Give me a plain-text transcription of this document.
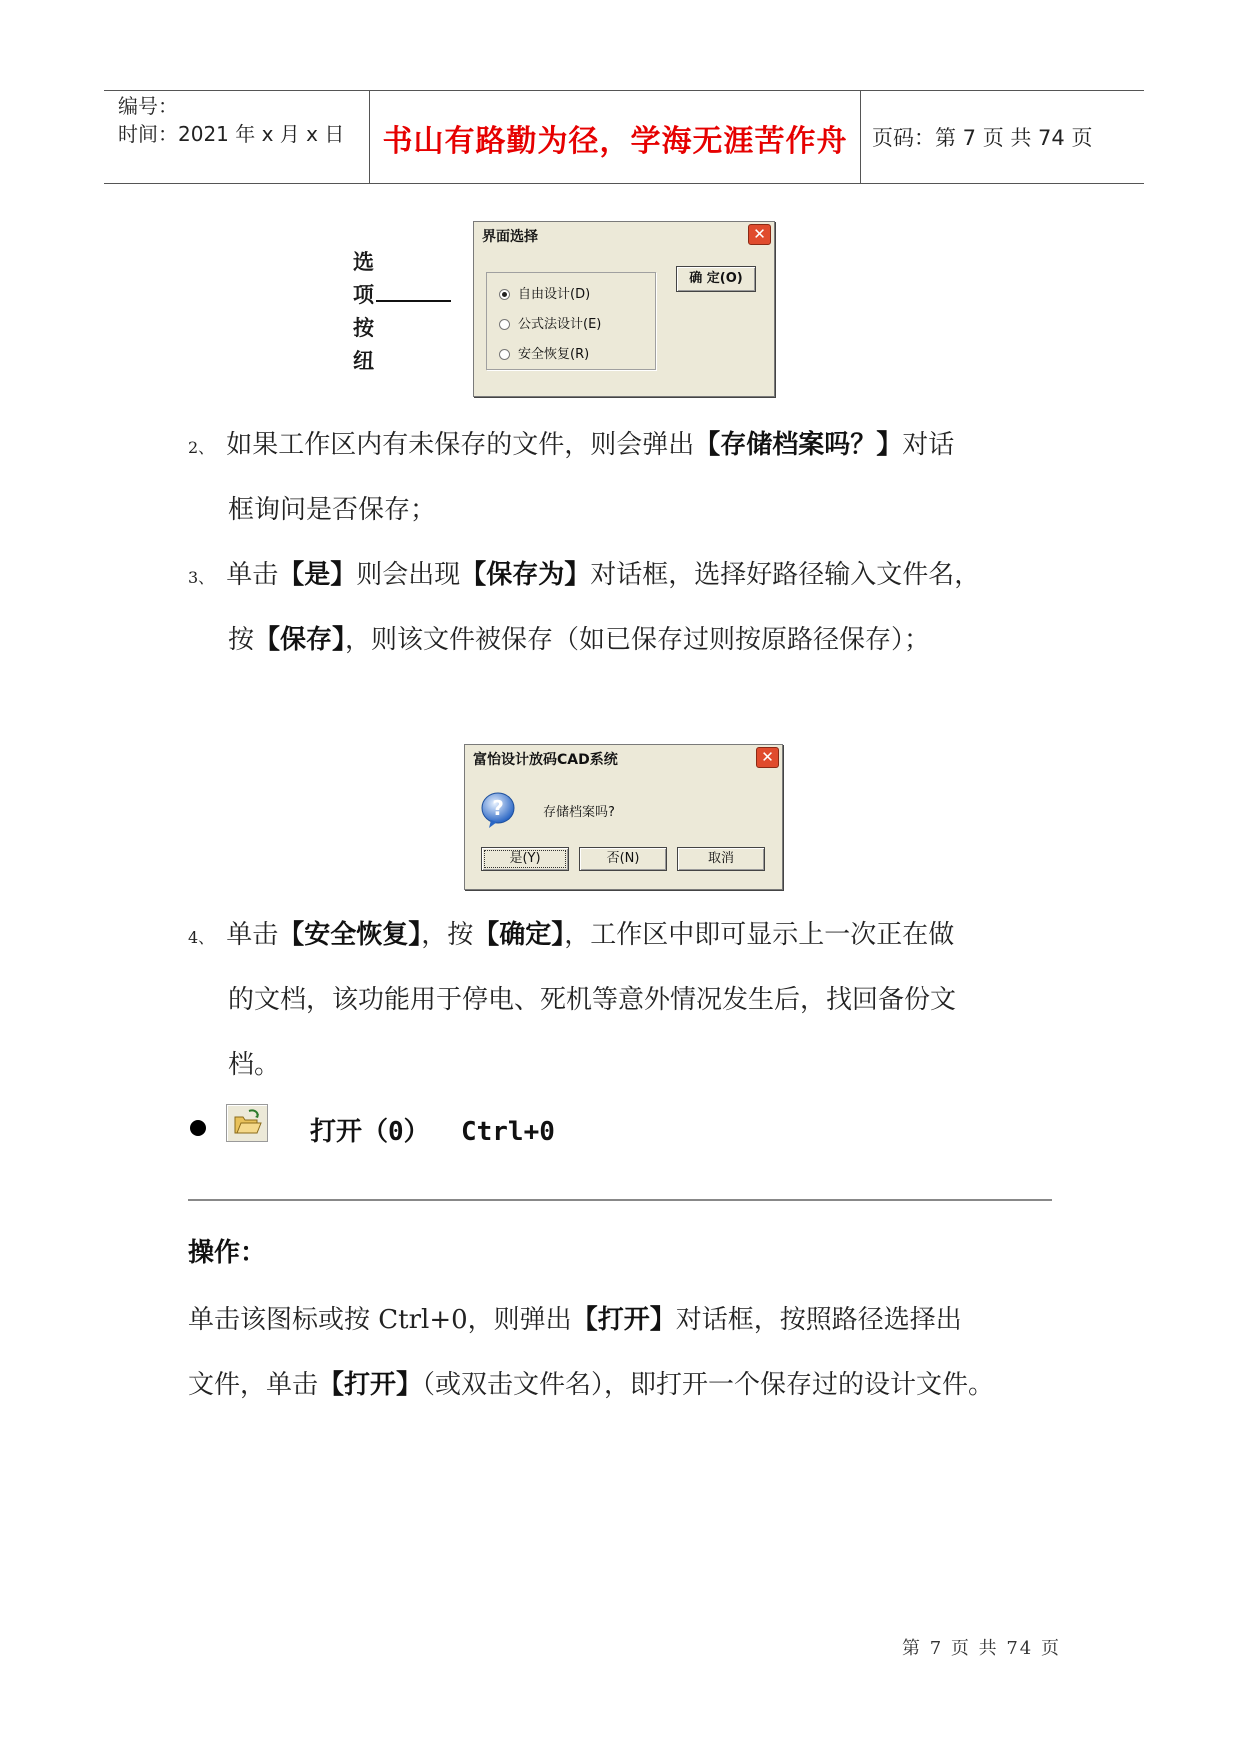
编号：
时间：2021 年 x 月 x 日 书山有路勤为径，学海无涯苦作舟 页码：第 7 页 共 74 页
选
项
按
纽
界面选择	✕
自由设计(D)
公式法设计(E)
安全恢复(R)
确 定(O)
2、 如果工作区内有未保存的文件，则会弹出【存储档案吗？】对话
框询问是否保存；
3、 单击【是】则会出现【保存为】对话框，选择好路径输入文件名，
按【保存】，则该文件被保存（如已保存过则按原路径保存）；
富怡设计放码CAD系统	✕
?	存储档案吗?
是(Y)	否(N)	取消
4、 单击【安全恢复】，按【确定】，工作区中即可显示上一次正在做
的文档，该功能用于停电、死机等意外情况发生后，找回备份文
档。
打开（0）  Ctrl+0
操作：
单击该图标或按 Ctrl+0，则弹出【打开】对话框，按照路径选择出
文件，单击【打开】（或双击文件名），即打开一个保存过的设计文件。
第 7 页 共 74 页
